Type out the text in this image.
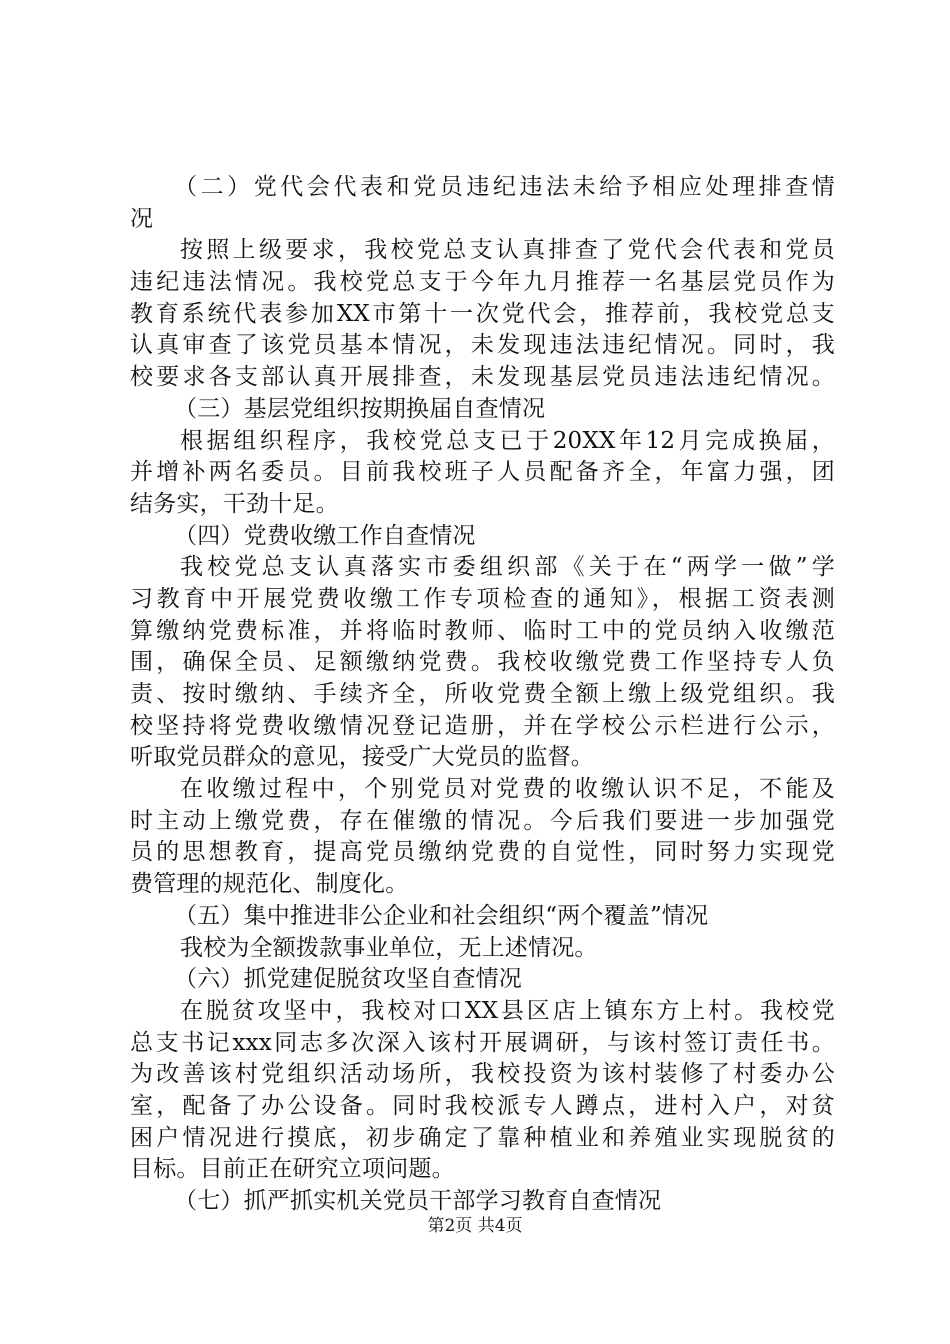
（二）党代会代表和党员违纪违法未给予相应处理排查情
况
按照上级要求，我校党总支认真排查了党代会代表和党员
违纪违法情况。我校党总支于今年九月推荐一名基层党员作为
教育系统代表参加XX市第十一次党代会，推荐前，我校党总支
认真审查了该党员基本情况，未发现违法违纪情况。同时，我
校要求各支部认真开展排查，未发现基层党员违法违纪情况。
（三）基层党组织按期换届自查情况
根据组织程序，我校党总支已于20XX年12月完成换届，
并增补两名委员。目前我校班子人员配备齐全，年富力强，团
结务实，干劲十足。
（四）党费收缴工作自查情况
我校党总支认真落实市委组织部《关于在“两学一做”学
习教育中开展党费收缴工作专项检查的通知》，根据工资表测
算缴纳党费标准，并将临时教师、临时工中的党员纳入收缴范
围，确保全员、足额缴纳党费。我校收缴党费工作坚持专人负
责、按时缴纳、手续齐全，所收党费全额上缴上级党组织。我
校坚持将党费收缴情况登记造册，并在学校公示栏进行公示，
听取党员群众的意见，接受广大党员的监督。
在收缴过程中，个别党员对党费的收缴认识不足，不能及
时主动上缴党费，存在催缴的情况。今后我们要进一步加强党
员的思想教育，提高党员缴纳党费的自觉性，同时努力实现党
费管理的规范化、制度化。
（五）集中推进非公企业和社会组织“两个覆盖”情况
我校为全额拨款事业单位，无上述情况。
（六）抓党建促脱贫攻坚自查情况
在脱贫攻坚中，我校对口XX县区店上镇东方上村。我校党
总支书记xxx同志多次深入该村开展调研，与该村签订责任书。
为改善该村党组织活动场所，我校投资为该村装修了村委办公
室，配备了办公设备。同时我校派专人蹲点，进村入户，对贫
困户情况进行摸底，初步确定了靠种植业和养殖业实现脱贫的
目标。目前正在研究立项问题。
（七）抓严抓实机关党员干部学习教育自查情况
第2页 共4页
